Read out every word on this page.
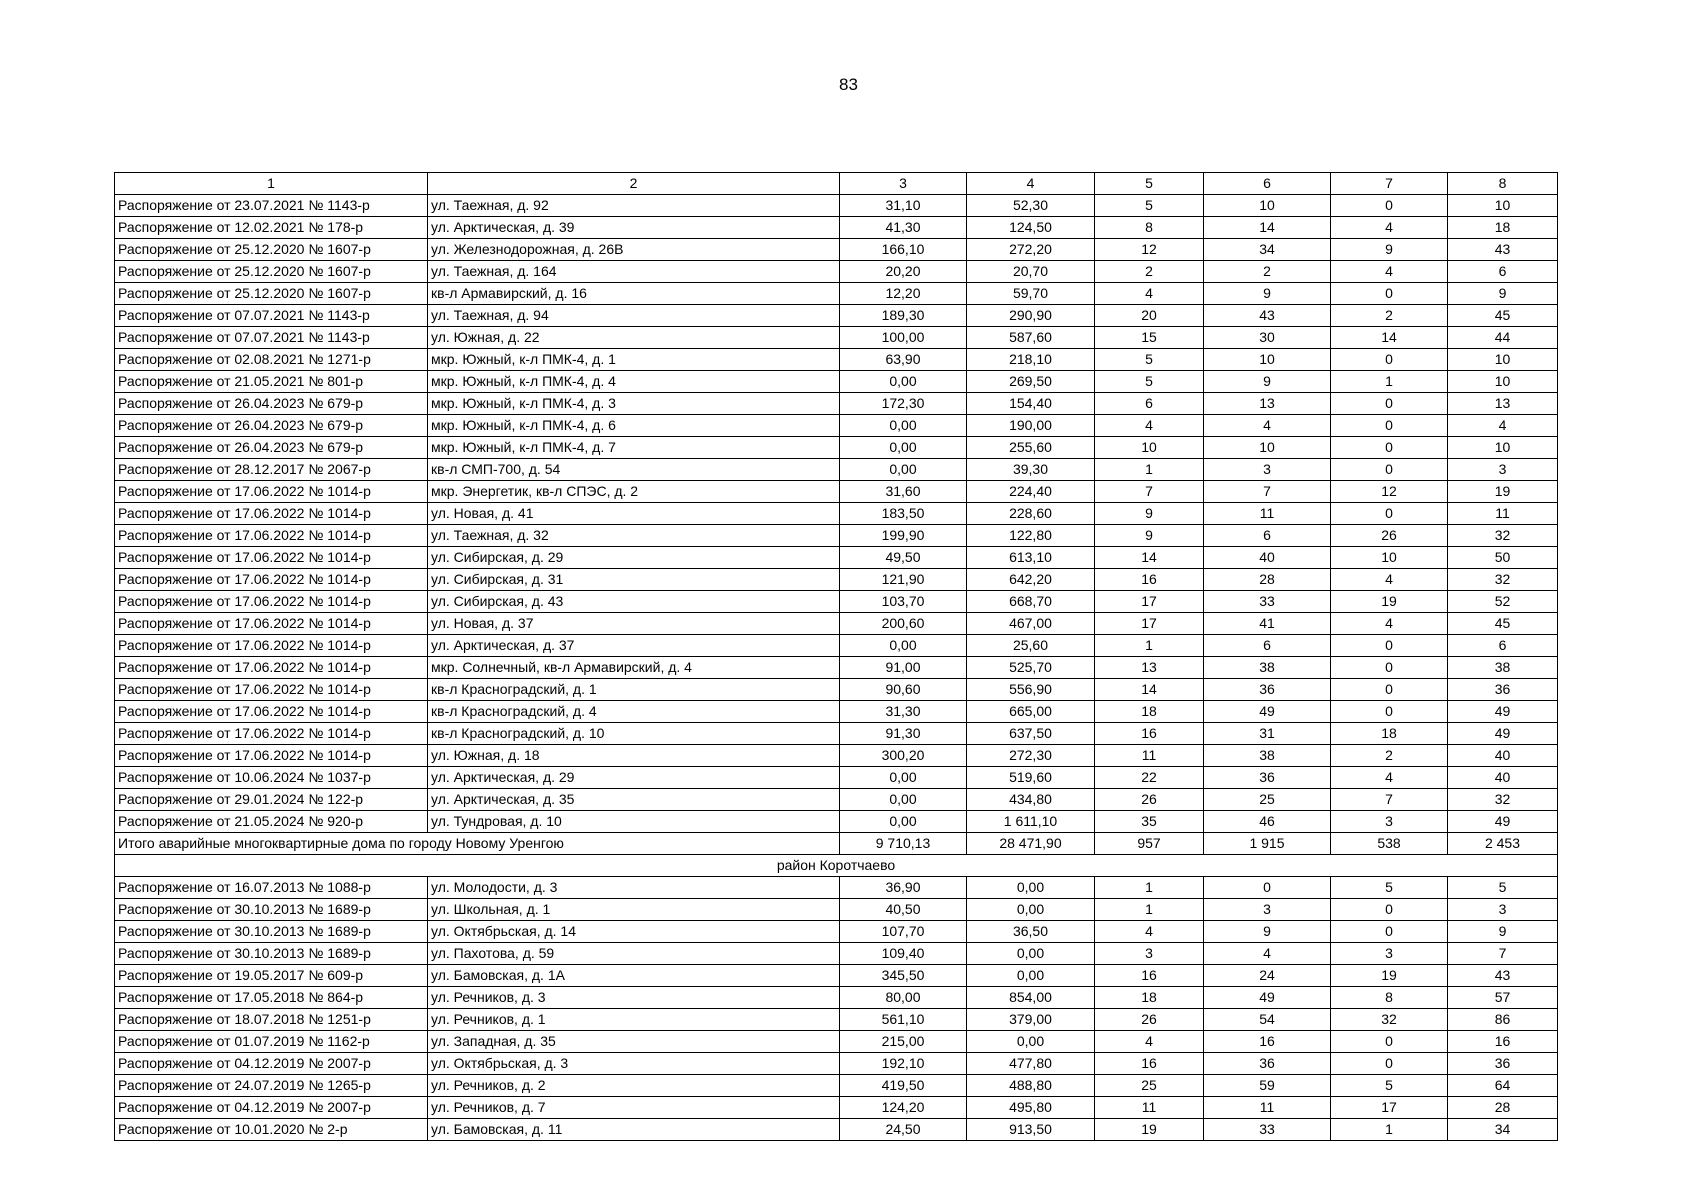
83
1	2	3	4	5	6	7	8
Распоряжение от 23.07.2021 № 1143-р	ул. Таежная, д. 92	31,10	52,30	5	10	0	10
Распоряжение от 12.02.2021 № 178-р	ул. Арктическая, д. 39	41,30	124,50	8	14	4	18
Распоряжение от 25.12.2020 № 1607-р	ул. Железнодорожная, д. 26В	166,10	272,20	12	34	9	43
Распоряжение от 25.12.2020 № 1607-р	ул. Таежная, д. 164	20,20	20,70	2	2	4	6
Распоряжение от 25.12.2020 № 1607-р	кв-л Армавирский, д. 16	12,20	59,70	4	9	0	9
Распоряжение от 07.07.2021 № 1143-р	ул. Таежная, д. 94	189,30	290,90	20	43	2	45
Распоряжение от 07.07.2021 № 1143-р	ул. Южная, д. 22	100,00	587,60	15	30	14	44
Распоряжение от 02.08.2021 № 1271-р	мкр. Южный, к-л ПМК-4, д. 1	63,90	218,10	5	10	0	10
Распоряжение от 21.05.2021 № 801-р	мкр. Южный, к-л ПМК-4, д. 4	0,00	269,50	5	9	1	10
Распоряжение от 26.04.2023 № 679-р	мкр. Южный, к-л ПМК-4, д. 3	172,30	154,40	6	13	0	13
Распоряжение от 26.04.2023 № 679-р	мкр. Южный, к-л ПМК-4, д. 6	0,00	190,00	4	4	0	4
Распоряжение от 26.04.2023 № 679-р	мкр. Южный, к-л ПМК-4, д. 7	0,00	255,60	10	10	0	10
Распоряжение от 28.12.2017 № 2067-р	кв-л СМП-700, д. 54	0,00	39,30	1	3	0	3
Распоряжение от 17.06.2022 № 1014-р	мкр. Энергетик, кв-л СПЭС, д. 2	31,60	224,40	7	7	12	19
Распоряжение от 17.06.2022 № 1014-р	ул. Новая, д. 41	183,50	228,60	9	11	0	11
Распоряжение от 17.06.2022 № 1014-р	ул. Таежная, д. 32	199,90	122,80	9	6	26	32
Распоряжение от 17.06.2022 № 1014-р	ул. Сибирская, д. 29	49,50	613,10	14	40	10	50
Распоряжение от 17.06.2022 № 1014-р	ул. Сибирская, д. 31	121,90	642,20	16	28	4	32
Распоряжение от 17.06.2022 № 1014-р	ул. Сибирская, д. 43	103,70	668,70	17	33	19	52
Распоряжение от 17.06.2022 № 1014-р	ул. Новая, д. 37	200,60	467,00	17	41	4	45
Распоряжение от 17.06.2022 № 1014-р	ул. Арктическая, д. 37	0,00	25,60	1	6	0	6
Распоряжение от 17.06.2022 № 1014-р	мкр. Солнечный, кв-л Армавирский, д. 4	91,00	525,70	13	38	0	38
Распоряжение от 17.06.2022 № 1014-р	кв-л Красноградский, д. 1	90,60	556,90	14	36	0	36
Распоряжение от 17.06.2022 № 1014-р	кв-л Красноградский, д. 4	31,30	665,00	18	49	0	49
Распоряжение от 17.06.2022 № 1014-р	кв-л Красноградский, д. 10	91,30	637,50	16	31	18	49
Распоряжение от 17.06.2022 № 1014-р	ул. Южная, д. 18	300,20	272,30	11	38	2	40
Распоряжение от 10.06.2024 № 1037-р	ул. Арктическая, д. 29	0,00	519,60	22	36	4	40
Распоряжение от 29.01.2024 № 122-р	ул. Арктическая, д. 35	0,00	434,80	26	25	7	32
Распоряжение от 21.05.2024 № 920-р	ул. Тундровая, д. 10	0,00	1 611,10	35	46	3	49
Итого аварийные многоквартирные дома по городу Новому Уренгою		9 710,13	28 471,90	957	1 915	538	2 453
район Коротчаево							
Распоряжение от 16.07.2013 № 1088-р	ул. Молодости, д. 3	36,90	0,00	1	0	5	5
Распоряжение от 30.10.2013 № 1689-р	ул. Школьная, д. 1	40,50	0,00	1	3	0	3
Распоряжение от 30.10.2013 № 1689-р	ул. Октябрьская, д. 14	107,70	36,50	4	9	0	9
Распоряжение от 30.10.2013 № 1689-р	ул. Пахотова, д. 59	109,40	0,00	3	4	3	7
Распоряжение от 19.05.2017 № 609-р	ул. Бамовская, д. 1А	345,50	0,00	16	24	19	43
Распоряжение от 17.05.2018 № 864-р	ул. Речников, д. 3	80,00	854,00	18	49	8	57
Распоряжение от 18.07.2018 № 1251-р	ул. Речников, д. 1	561,10	379,00	26	54	32	86
Распоряжение от 01.07.2019 № 1162-р	ул. Западная, д. 35	215,00	0,00	4	16	0	16
Распоряжение от 04.12.2019 № 2007-р	ул. Октябрьская, д. 3	192,10	477,80	16	36	0	36
Распоряжение от 24.07.2019 № 1265-р	ул. Речников, д. 2	419,50	488,80	25	59	5	64
Распоряжение от 04.12.2019 № 2007-р	ул. Речников, д. 7	124,20	495,80	11	11	17	28
Распоряжение от 10.01.2020 № 2-р	ул. Бамовская, д. 11	24,50	913,50	19	33	1	34
